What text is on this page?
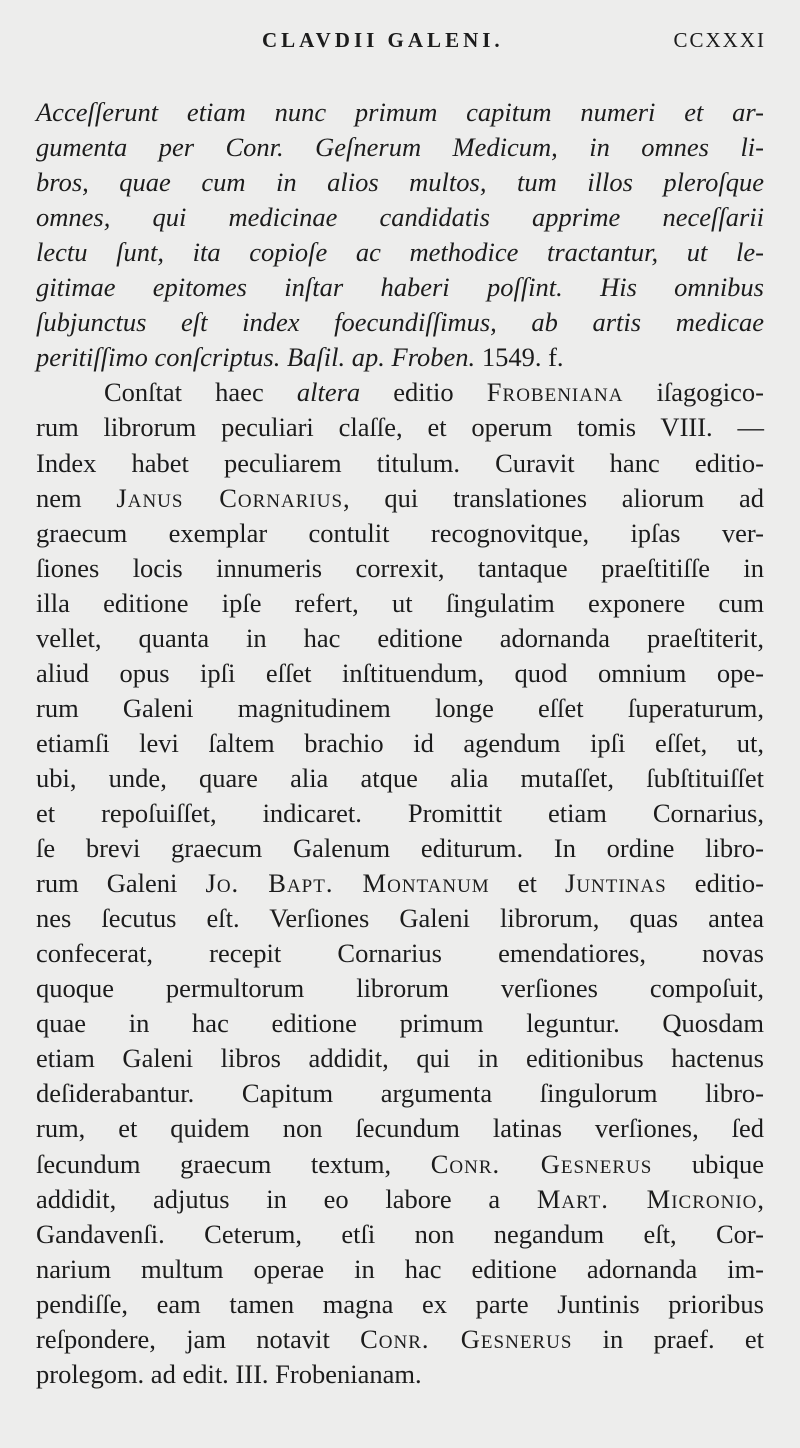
CLAVDII GALENI.	CCXXXI
Acceſſerunt etiam nunc primum capitum numeri et ar-
gumenta per Conr. Geſnerum Medicum, in omnes li-
bros, quae cum in alios multos, tum illos pleroſque
omnes, qui medicinae candidatis apprime neceſſarii
lectu ſunt, ita copioſe ac methodice tractantur, ut le-
gitimae epitomes inſtar haberi poſſint. His omnibus
ſubjunctus eſt index foecundiſſimus, ab artis medicae
peritiſſimo conſcriptus. Baſil. ap. Froben. 1549. f.
Conſtat haec altera editio Frobeniana iſagogico-
rum librorum peculiari claſſe, et operum tomis VIII. —
Index habet peculiarem titulum. Curavit hanc editio-
nem Janus Cornarius, qui translationes aliorum ad
graecum exemplar contulit recognovitque, ipſas ver-
ſiones locis innumeris correxit, tantaque praeſtitiſſe in
illa editione ipſe refert, ut ſingulatim exponere cum
vellet, quanta in hac editione adornanda praeſtiterit,
aliud opus ipſi eſſet inſtituendum, quod omnium ope-
rum Galeni magnitudinem longe eſſet ſuperaturum,
etiamſi levi ſaltem brachio id agendum ipſi eſſet, ut,
ubi, unde, quare alia atque alia mutaſſet, ſubſtituiſſet
et repoſuiſſet, indicaret. Promittit etiam Cornarius,
ſe brevi graecum Galenum editurum. In ordine libro-
rum Galeni Jo. Bapt. Montanum et Juntinas editio-
nes ſecutus eſt. Verſiones Galeni librorum, quas antea
confecerat, recepit Cornarius emendatiores, novas
quoque permultorum librorum verſiones compoſuit,
quae in hac editione primum leguntur. Quosdam
etiam Galeni libros addidit, qui in editionibus hactenus
deſiderabantur. Capitum argumenta ſingulorum libro-
rum, et quidem non ſecundum latinas verſiones, ſed
ſecundum graecum textum, Conr. Gesnerus ubique
addidit, adjutus in eo labore a Mart. Micronio,
Gandavenſi. Ceterum, etſi non negandum eſt, Cor-
narium multum operae in hac editione adornanda im-
pendiſſe, eam tamen magna ex parte Juntinis prioribus
reſpondere, jam notavit Conr. Gesnerus in praef. et
prolegom. ad edit. III. Frobenianam.
